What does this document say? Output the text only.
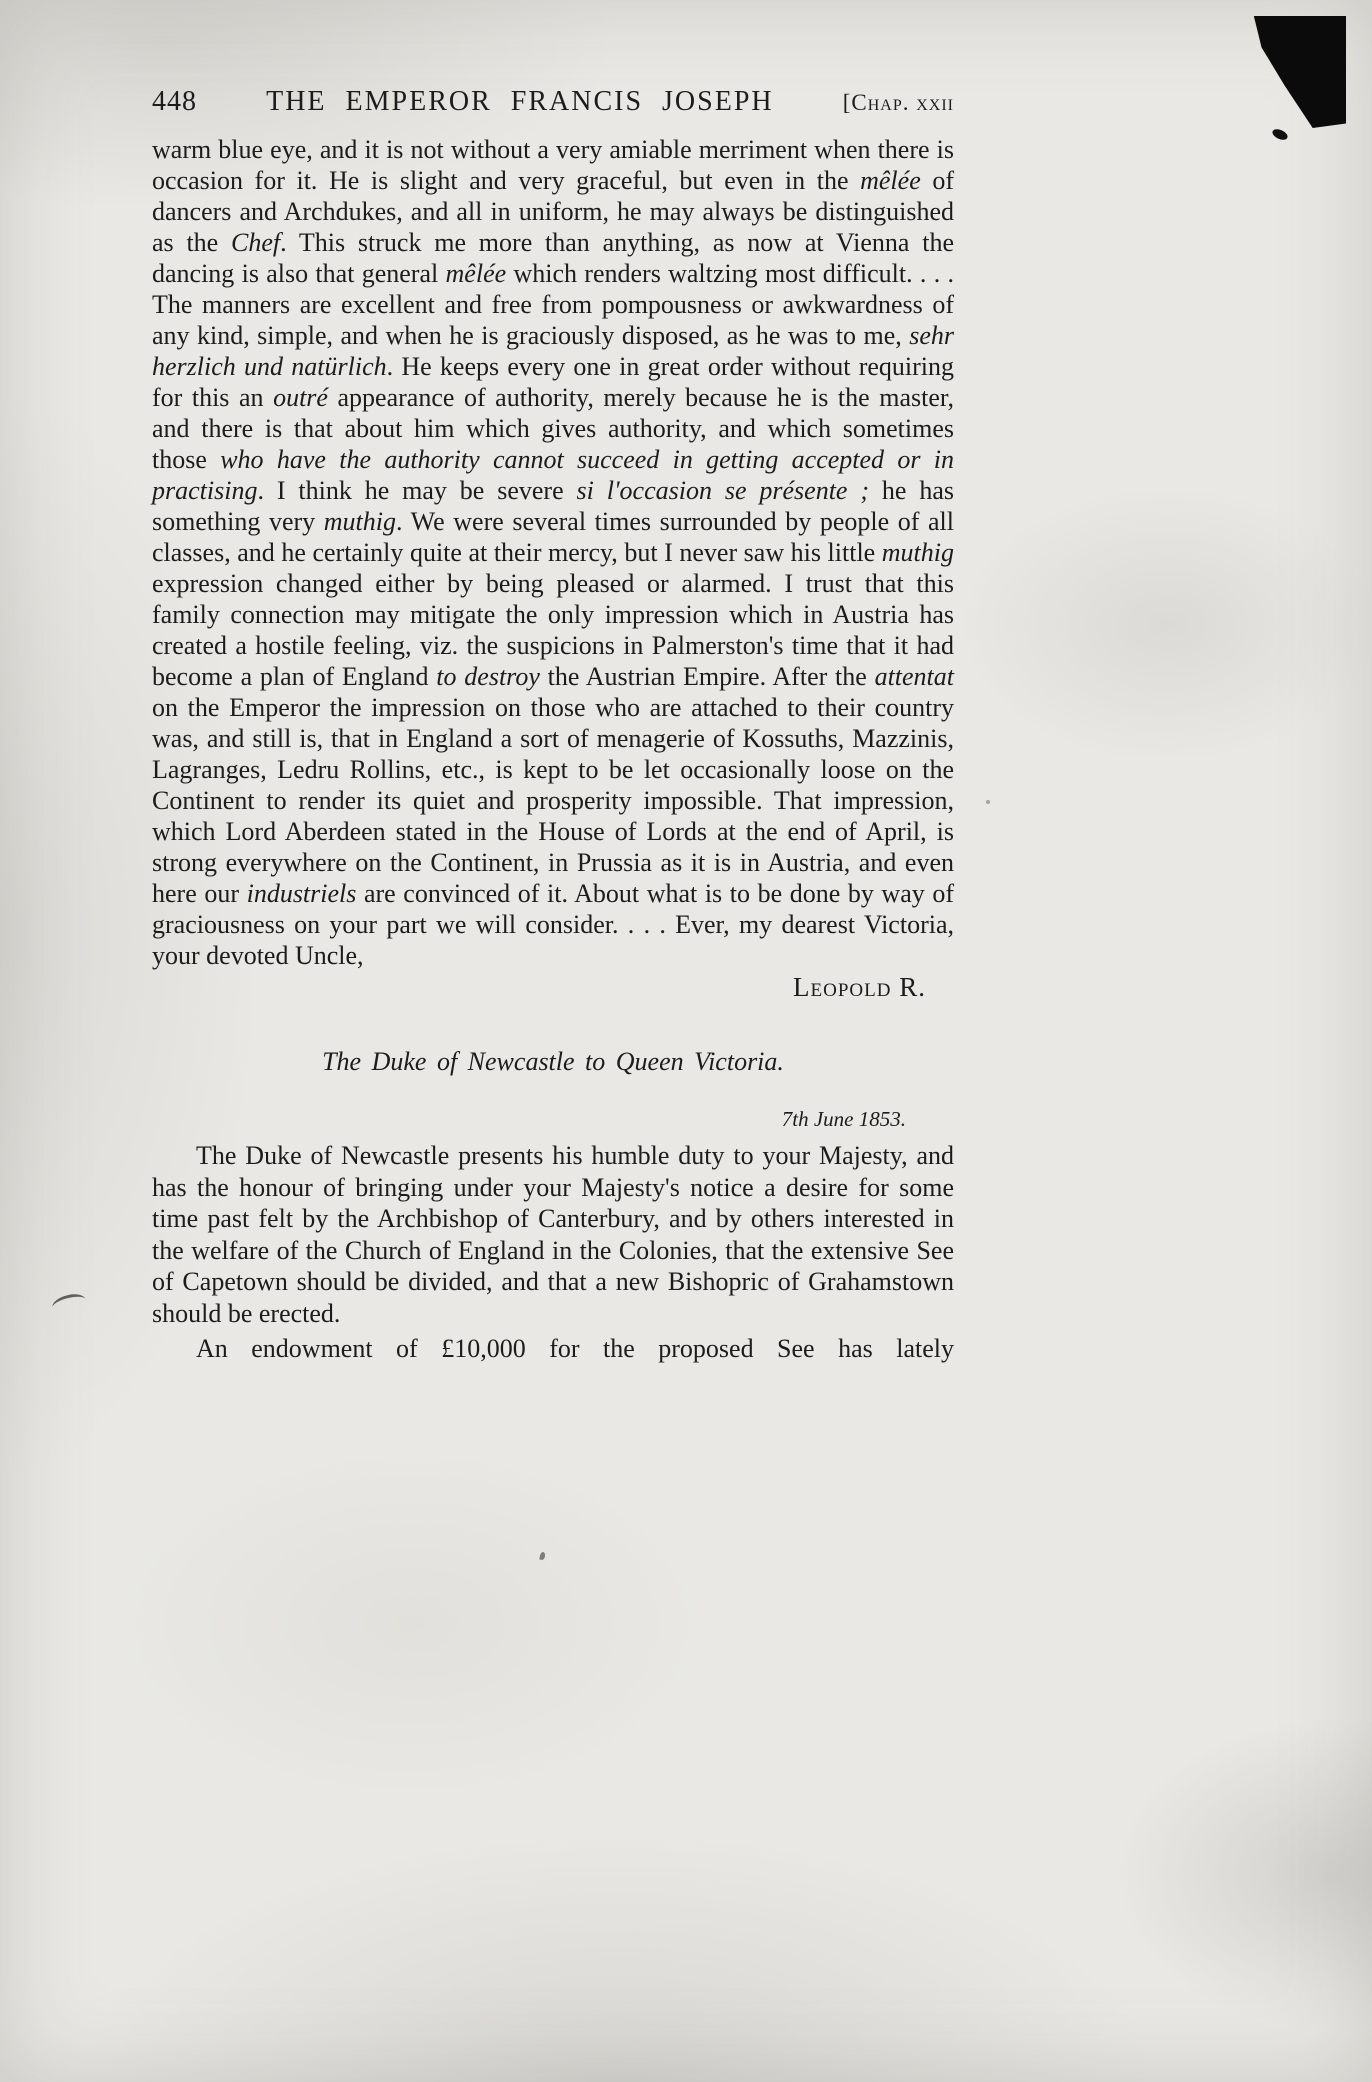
448 THE EMPEROR FRANCIS JOSEPH	[Chap. xxii

warm blue eye, and it is not without a very amiable merriment when there is occasion for it. He is slight and very graceful, but even in the mêlée of dancers and Archdukes, and all in uniform, he may always be distinguished as the Chef. This struck me more than anything, as now at Vienna the dancing is also that general mêlée which renders waltzing most difficult. . . . The manners are excellent and free from pompousness or awkwardness of any kind, simple, and when he is graciously disposed, as he was to me, sehr herzlich und natürlich. He keeps every one in great order without requiring for this an outré appearance of authority, merely because he is the master, and there is that about him which gives authority, and which sometimes those who have the authority cannot succeed in getting accepted or in practising. I think he may be severe si l'occasion se présente ; he has something very muthig. We were several times surrounded by people of all classes, and he certainly quite at their mercy, but I never saw his little muthig expression changed either by being pleased or alarmed. I trust that this family connection may mitigate the only impression which in Austria has created a hostile feeling, viz. the suspicions in Palmerston's time that it had become a plan of England to destroy the Austrian Empire. After the attentat on the Emperor the impression on those who are attached to their country was, and still is, that in England a sort of menagerie of Kossuths, Mazzinis, Lagranges, Ledru Rollins, etc., is kept to be let occasionally loose on the Continent to render its quiet and prosperity impossible. That impression, which Lord Aberdeen stated in the House of Lords at the end of April, is strong everywhere on the Continent, in Prussia as it is in Austria, and even here our industriels are convinced of it. About what is to be done by way of graciousness on your part we will consider. . . . Ever, my dearest Victoria, your devoted Uncle,

Leopold R.
The Duke of Newcastle to Queen Victoria.
7th June 1853.

The Duke of Newcastle presents his humble duty to your Majesty, and has the honour of bringing under your Majesty's notice a desire for some time past felt by the Archbishop of Canterbury, and by others interested in the welfare of the Church of England in the Colonies, that the extensive See of Capetown should be divided, and that a new Bishopric of Grahamstown should be erected.

An endowment of £10,000 for the proposed See has lately
